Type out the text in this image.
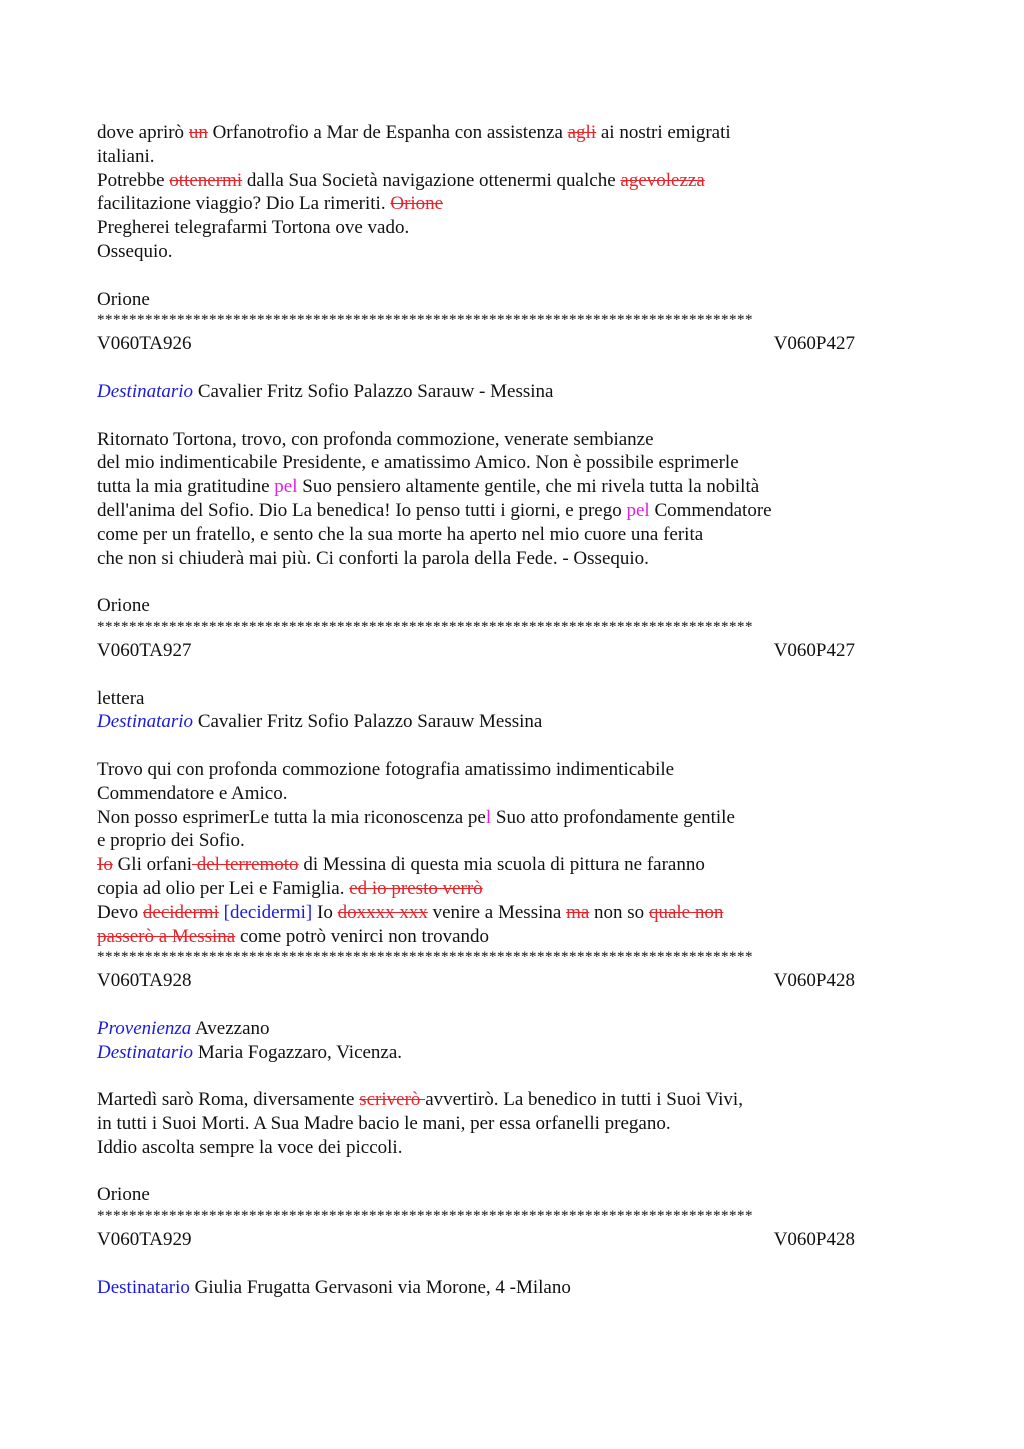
dove aprirò un Orfanotrofio a Mar de Espanha con assistenza agli ai nostri emigrati
italiani.
Potrebbe ottenermi dalla Sua Società navigazione ottenermi qualche agevolezza
facilitazione viaggio? Dio La rimeriti. Orione
Pregherei telegrafarmi Tortona ove vado.
Ossequio.
Orione
**********************************************************************************
V060TA926	V060P427
Destinatario Cavalier Fritz Sofio Palazzo Sarauw - Messina
Ritornato Tortona, trovo, con profonda commozione, venerate sembianze
del mio indimenticabile Presidente, e amatissimo Amico. Non è possibile esprimerle
tutta la mia gratitudine pel Suo pensiero altamente gentile, che mi rivela tutta la nobiltà
dell'anima del Sofio. Dio La benedica! Io penso tutti i giorni, e prego pel Commendatore
come per un fratello, e sento che la sua morte ha aperto nel mio cuore una ferita
che non si chiuderà mai più. Ci conforti la parola della Fede. - Ossequio.
Orione
**********************************************************************************
V060TA927	V060P427
lettera
Destinatario Cavalier Fritz Sofio Palazzo Sarauw Messina
Trovo qui con profonda commozione fotografia amatissimo indimenticabile
Commendatore e Amico.
Non posso esprimerLe tutta la mia riconoscenza pel Suo atto profondamente gentile
e proprio dei Sofio.
Io Gli orfani del terremoto di Messina di questa mia scuola di pittura ne faranno
copia ad olio per Lei e Famiglia. ed io presto verrò
Devo decidermi [decidermi] Io doxxxx xxx venire a Messina ma non so quale non
passerò a Messina come potrò venirci non trovando
**********************************************************************************
V060TA928	V060P428
Provenienza Avezzano
Destinatario Maria Fogazzaro, Vicenza.
Martedì sarò Roma, diversamente scriverò avvertirò. La benedico in tutti i Suoi Vivi,
in tutti i Suoi Morti. A Sua Madre bacio le mani, per essa orfanelli pregano.
Iddio ascolta sempre la voce dei piccoli.
Orione
**********************************************************************************
V060TA929	V060P428
Destinatario Giulia Frugatta Gervasoni via Morone, 4 -Milano
